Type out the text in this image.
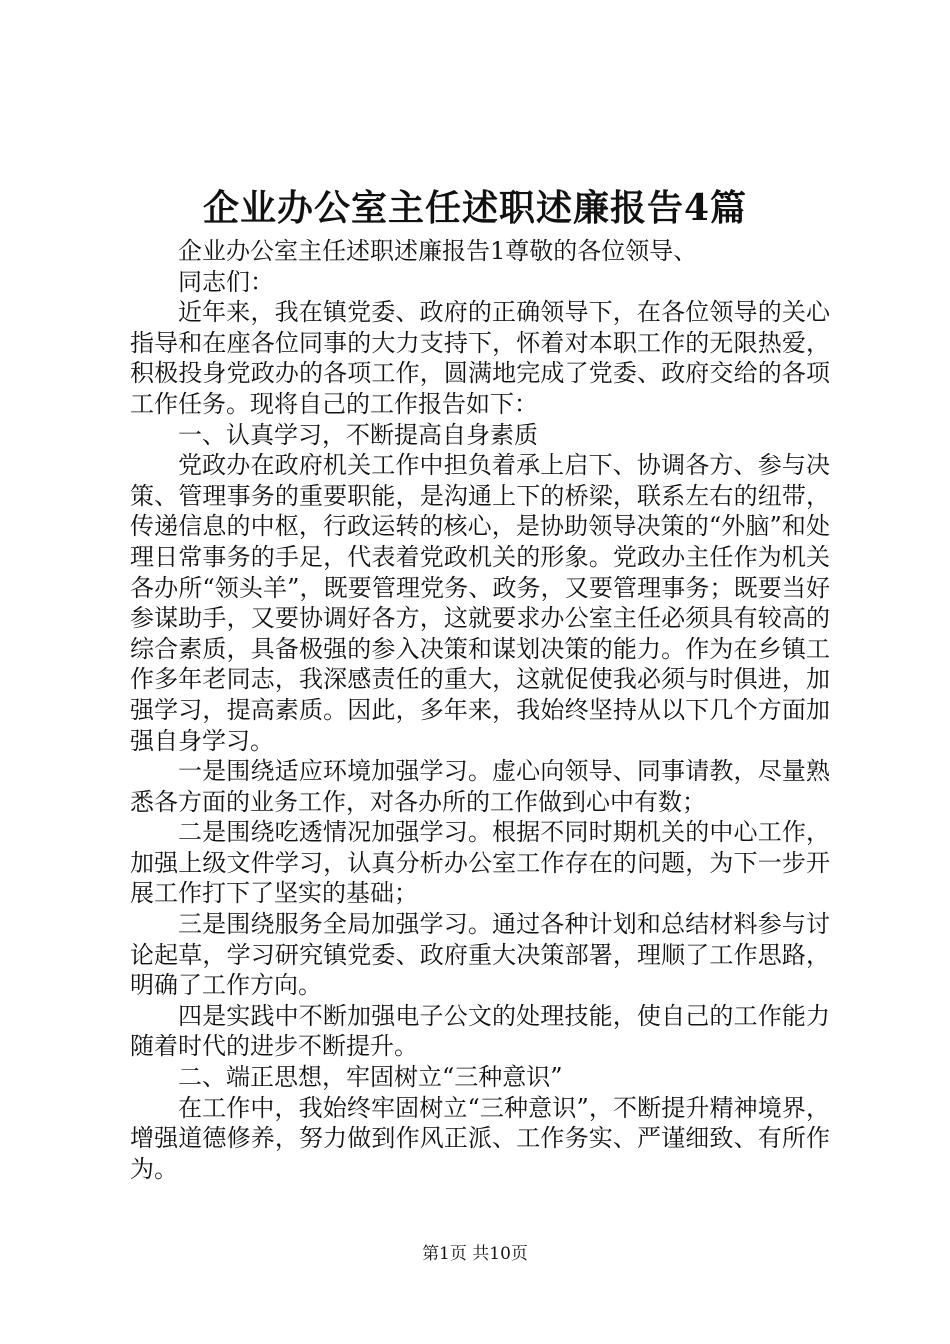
企业办公室主任述职述廉报告4篇

企业办公室主任述职述廉报告1尊敬的各位领导、

同志们：

近年来，我在镇党委、政府的正确领导下，在各位领导的关心指导和在座各位同事的大力支持下，怀着对本职工作的无限热爱，积极投身党政办的各项工作，圆满地完成了党委、政府交给的各项工作任务。现将自己的工作报告如下：

一、认真学习，不断提高自身素质

党政办在政府机关工作中担负着承上启下、协调各方、参与决策、管理事务的重要职能，是沟通上下的桥梁，联系左右的纽带，传递信息的中枢，行政运转的核心，是协助领导决策的“外脑”和处理日常事务的手足，代表着党政机关的形象。党政办主任作为机关各办所“领头羊”，既要管理党务、政务，又要管理事务；既要当好参谋助手，又要协调好各方，这就要求办公室主任必须具有较高的综合素质，具备极强的参入决策和谋划决策的能力。作为在乡镇工作多年老同志，我深感责任的重大，这就促使我必须与时俱进，加强学习，提高素质。因此，多年来，我始终坚持从以下几个方面加强自身学习。

一是围绕适应环境加强学习。虚心向领导、同事请教，尽量熟悉各方面的业务工作，对各办所的工作做到心中有数；

二是围绕吃透情况加强学习。根据不同时期机关的中心工作，加强上级文件学习，认真分析办公室工作存在的问题，为下一步开展工作打下了坚实的基础；

三是围绕服务全局加强学习。通过各种计划和总结材料参与讨论起草，学习研究镇党委、政府重大决策部署，理顺了工作思路，明确了工作方向。

四是实践中不断加强电子公文的处理技能，使自己的工作能力随着时代的进步不断提升。

二、端正思想，牢固树立“三种意识”

在工作中，我始终牢固树立“三种意识”，不断提升精神境界，增强道德修养，努力做到作风正派、工作务实、严谨细致、有所作为。

第1页 共10页
